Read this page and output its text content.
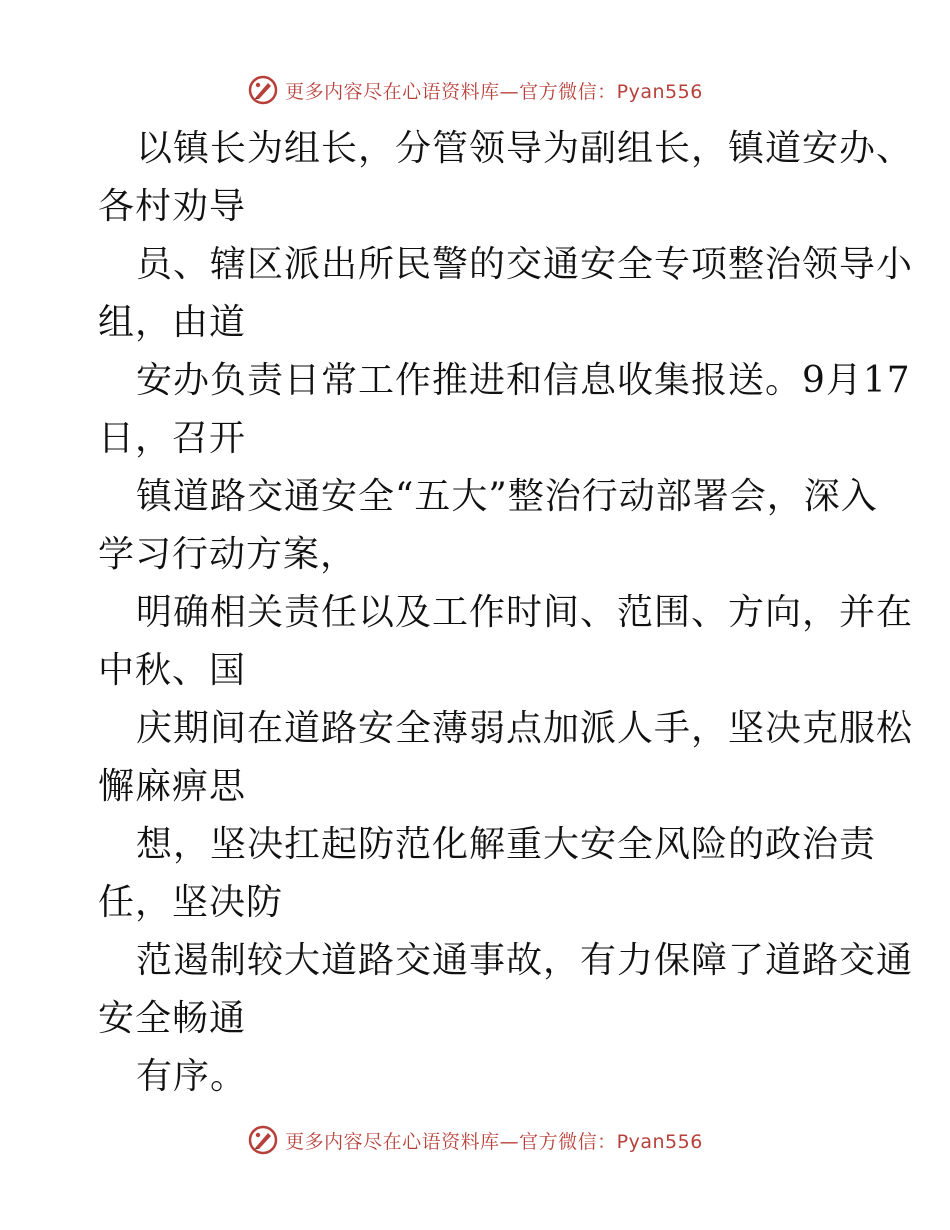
更多内容尽在心语资料库—官方微信：Pyan556
以镇长为组长，分管领导为副组长，镇道安办、
各村劝导
员、辖区派出所民警的交通安全专项整治领导小
组，由道
安办负责日常工作推进和信息收集报送。9月17
日，召开
镇道路交通安全“五大”整治行动部署会，深入
学习行动方案，
明确相关责任以及工作时间、范围、方向，并在
中秋、国
庆期间在道路安全薄弱点加派人手，坚决克服松
懈麻痹思
想，坚决扛起防范化解重大安全风险的政治责
任，坚决防
范遏制较大道路交通事故，有力保障了道路交通
安全畅通
有序。
更多内容尽在心语资料库—官方微信：Pyan556
